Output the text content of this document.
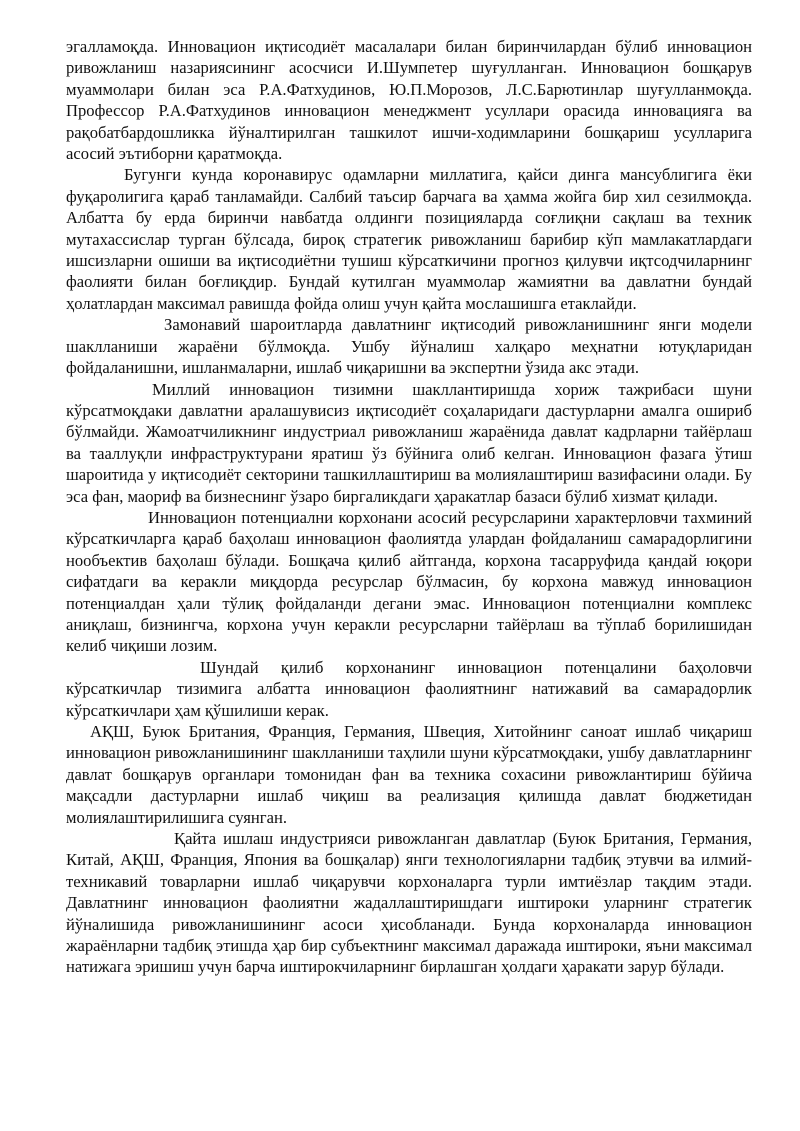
эгалламоқда. Инновацион иқтисодиёт масалалари билан биринчилардан бўлиб инновацион ривожланиш назариясининг асосчиси И.Шумпетер шуғулланган. Инновацион бошқарув муаммолари билан эса Р.А.Фатхудинов, Ю.П.Морозов, Л.С.Барютинлар шуғулланмоқда. Профессор Р.А.Фатхудинов инновацион менеджмент усуллари орасида инновацияга ва рақобатбардошликка йўналтирилган ташкилот ишчи-ходимларини бошқариш усулларига асосий эътиборни қаратмоқда.

Бугунги кунда коронавирус одамларни миллатига, қайси динга мансублигига ёки фуқаролигига қараб танламайди. Салбий таъсир барчага ва ҳамма жойга бир хил сезилмоқда. Албатта бу ерда биринчи навбатда олдинги позицияларда соғлиқни сақлаш ва техник мутахассислар турган бўлсада, бироқ стратегик ривожланиш барибир кўп мамлакатлардаги ишсизларни ошиши ва иқтисодиётни тушиш кўрсаткичини прогноз қилувчи иқтсодчиларнинг фаолияти билан боғлиқдир. Бундай кутилган муаммолар жамиятни ва давлатни бундай ҳолатлардан максимал равишда фойда олиш учун қайта мослашишга етаклайди.

Замонавий шароитларда давлатнинг иқтисодий ривожланишнинг янги модели шаклланиши жараёни бўлмоқда. Ушбу йўналиш халқаро меҳнатни ютуқларидан фойдаланишни, ишланмаларни, ишлаб чиқаришни ва экспертни ўзида акс этади.

Миллий инновацион тизимни шакллантиришда хориж тажрибаси шуни кўрсатмоқдаки давлатни аралашувисиз иқтисодиёт соҳаларидаги дастурларни амалга ошириб бўлмайди. Жамоатчиликнинг индустриал ривожланиш жараёнида давлат кадрларни тайёрлаш ва тааллуқли инфраструктурани яратиш ўз бўйнига олиб келган. Инновацион фазага ўтиш шароитида у иқтисодиёт секторини ташкиллаштириш ва молиялаштириш вазифасини олади. Бу эса фан, маориф ва бизнеснинг ўзаро биргаликдаги ҳаракатлар базаси бўлиб хизмат қилади.

Инновацион потенциални корхонани асосий ресурсларини характерловчи тахминий кўрсаткичларга қараб баҳолаш инновацион фаолиятда улардан фойдаланиш самарадорлигини нообъектив баҳолаш бўлади. Бошқача қилиб айтганда, корхона тасарруфида қандай юқори сифатдаги ва керакли миқдорда ресурслар бўлмасин, бу корхона мавжуд инновацион потенциалдан ҳали тўлиқ фойдаланди дегани эмас. Инновацион потенциални комплекс аниқлаш, бизнингча, корхона учун керакли ресурсларни тайёрлаш ва тўплаб борилишидан келиб чиқиши лозим.

Шундай қилиб корхонанинг инновацион потенцалини баҳоловчи кўрсаткичлар тизимига албатта инновацион фаолиятнинг натижавий ва самарадорлик кўрсаткичлари ҳам қўшилиши керак.

АҚШ, Буюк Британия, Франция, Германия, Швеция, Хитойнинг саноат ишлаб чиқариш инновацион ривожланишининг шаклланиши таҳлили шуни кўрсатмоқдаки, ушбу давлатларнинг давлат бошқарув органлари томонидан фан ва техника сохасини ривожлантириш бўйича мақсадли дастурларни ишлаб чиқиш ва реализация қилишда давлат бюджетидан молиялаштирилишига суянган.

Қайта ишлаш индустрияси ривожланган давлатлар (Буюк Британия, Германия, Китай, АҚШ, Франция, Япония ва бошқалар) янги технологияларни тадбиқ этувчи ва илмий-техникавий товарларни ишлаб чиқарувчи корхоналарга турли имтиёзлар тақдим этади. Давлатнинг инновацион фаолиятни жадаллаштиришдаги иштироки уларнинг стратегик йўналишида ривожланишининг асоси ҳисобланади. Бунда корхоналарда инновацион жараёнларни тадбиқ этишда ҳар бир субъектнинг максимал даражада иштироки, яъни максимал натижага эришиш учун барча иштирокчиларнинг бирлашган ҳолдаги ҳаракати зарур бўлади.
